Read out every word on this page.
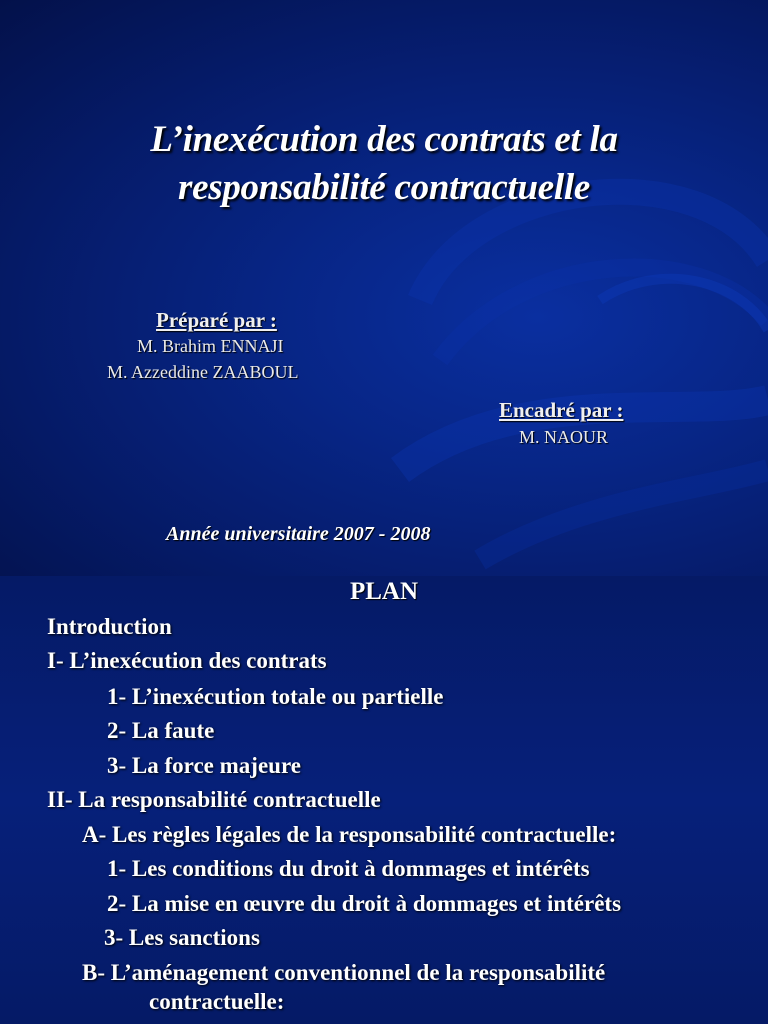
L’inexécution des contrats et la
responsabilité contractuelle
Préparé par :
M. Brahim ENNAJI
M. Azzeddine ZAABOUL
Encadré par :
M. NAOUR
Année universitaire 2007 - 2008
PLAN
Introduction
I- L’inexécution des contrats
1- L’inexécution totale ou partielle
2- La faute
3- La force majeure
II- La responsabilité contractuelle
A- Les règles légales de la responsabilité contractuelle:
1- Les conditions du droit à dommages et intérêts
2- La mise en œuvre du droit à dommages et intérêts
3- Les sanctions
B- L’aménagement conventionnel de la responsabilité
contractuelle:
